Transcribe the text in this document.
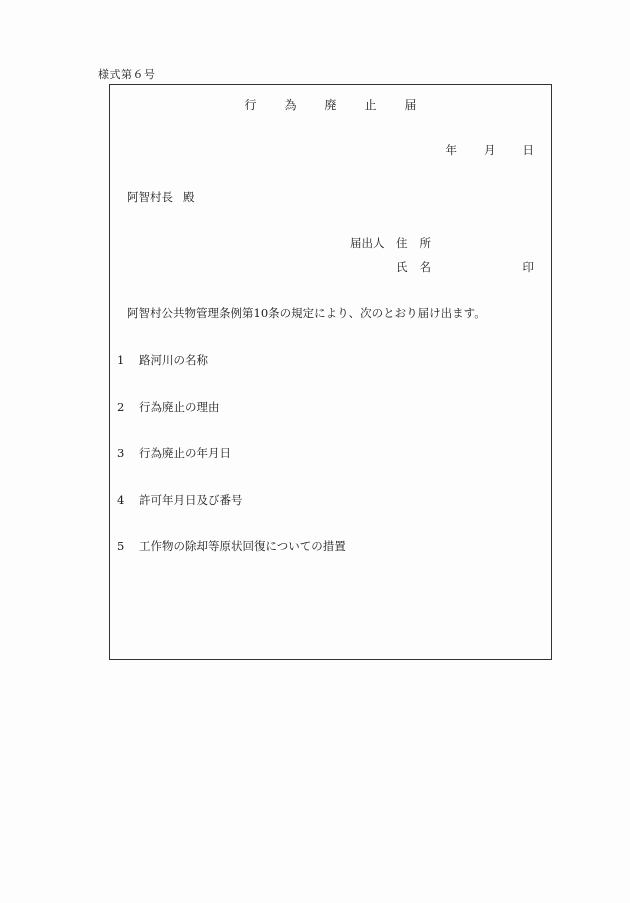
様式第６号
行 為 廃 止 届
年 月 日
阿智村長 殿
届出人 住 所
氏 名	印
阿智村公共物管理条例第10条の規定により、次のとおり届け出ます。
1 路河川の名称
2 行為廃止の理由
3 行為廃止の年月日
4 許可年月日及び番号
5 工作物の除却等原状回復についての措置
